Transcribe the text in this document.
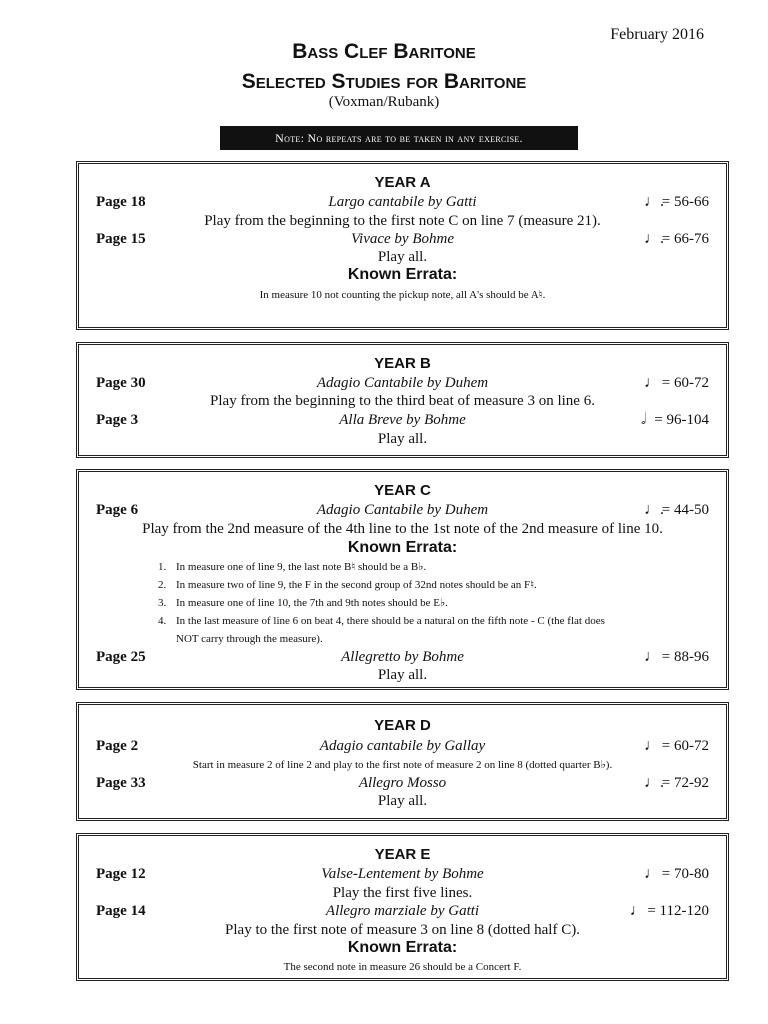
February 2016
Bass Clef Baritone
Selected Studies for Baritone
(Voxman/Rubank)
Note: No repeats are to be taken in any exercise.
YEAR A
Page 18	Largo cantabile by Gatti	♩. = 56-66
Play from the beginning to the first note C on line 7 (measure 21).
Page 15	Vivace by Bohme	♩. = 66-76
Play all.
Known Errata:
In measure 10 not counting the pickup note, all A's should be A♮.
YEAR B
Page 30	Adagio Cantabile by Duhem	♩ = 60-72
Play from the beginning to the third beat of measure 3 on line 6.
Page 3	Alla Breve by Bohme	𝅗𝅥 = 96-104
Play all.
YEAR C
Page 6	Adagio Cantabile by Duhem	♩. = 44-50
Play from the 2nd measure of the 4th line to the 1st note of the 2nd measure of line 10.
Known Errata:
1. In measure one of line 9, the last note B♮ should be a B♭.
2. In measure two of line 9, the F in the second group of 32nd notes should be an F♮.
3. In measure one of line 10, the 7th and 9th notes should be E♭.
4. In the last measure of line 6 on beat 4, there should be a natural on the fifth note - C (the flat does
NOT carry through the measure).
Page 25	Allegretto by Bohme	♩ = 88-96
Play all.
YEAR D
Page 2	Adagio cantabile by Gallay	♩ = 60-72
Start in measure 2 of line 2 and play to the first note of measure 2 on line 8 (dotted quarter B♭).
Page 33	Allegro Mosso	♩. = 72-92
Play all.
YEAR E
Page 12	Valse-Lentement by Bohme	♩ = 70-80
Play the first five lines.
Page 14	Allegro marziale by Gatti	♩ = 112-120
Play to the first note of measure 3 on line 8 (dotted half C).
Known Errata:
The second note in measure 26 should be a Concert F.
